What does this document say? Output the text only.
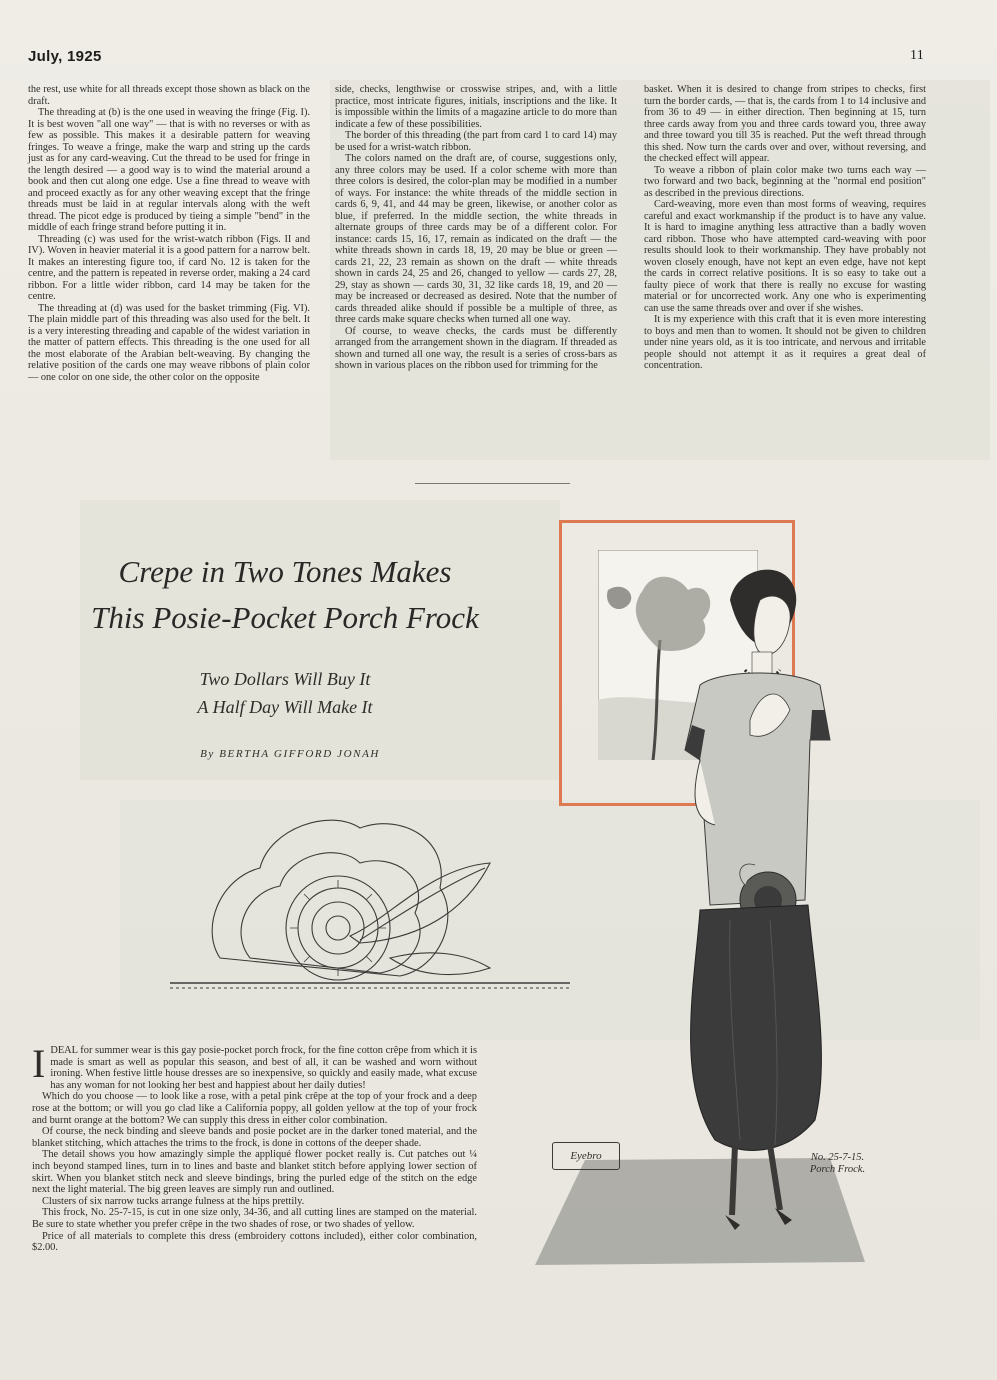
July, 1925	11

the rest, use white for all threads except those shown as black on the draft.

The threading at (b) is the one used in weaving the fringe (Fig. I). It is best woven "all one way" — that is with no reverses or with as few as possible. This makes it a desirable pattern for weaving fringes. To weave a fringe, make the warp and string up the cards just as for any card-weaving. Cut the thread to be used for fringe in the length desired — a good way is to wind the material around a book and then cut along one edge. Use a fine thread to weave with and proceed exactly as for any other weaving except that the fringe threads must be laid in at regular intervals along with the weft thread. The picot edge is produced by tieing a simple "bend" in the middle of each fringe strand before putting it in.

Threading (c) was used for the wrist-watch ribbon (Figs. II and IV). Woven in heavier material it is a good pattern for a narrow belt. It makes an interesting figure too, if card No. 12 is taken for the centre, and the pattern is repeated in reverse order, making a 24 card ribbon. For a little wider ribbon, card 14 may be taken for the centre.

The threading at (d) was used for the basket trimming (Fig. VI). The plain middle part of this threading was also used for the belt. It is a very interesting threading and capable of the widest variation in the matter of pattern effects. This threading is the one used for all the most elaborate of the Arabian belt-weaving. By changing the relative position of the cards one may weave ribbons of plain color — one color on one side, the other color on the opposite

side, checks, lengthwise or crosswise stripes, and, with a little practice, most intricate figures, initials, inscriptions and the like. It is impossible within the limits of a magazine article to do more than indicate a few of these possibilities.

The border of this threading (the part from card 1 to card 14) may be used for a wrist-watch ribbon.

The colors named on the draft are, of course, suggestions only, any three colors may be used. If a color scheme with more than three colors is desired, the color-plan may be modified in a number of ways. For instance: the white threads of the middle section in cards 6, 9, 41, and 44 may be green, likewise, or another color as blue, if preferred. In the middle section, the white threads in alternate groups of three cards may be of a different color. For instance: cards 15, 16, 17, remain as indicated on the draft — the white threads shown in cards 18, 19, 20 may be blue or green — cards 21, 22, 23 remain as shown on the draft — white threads shown in cards 24, 25 and 26, changed to yellow — cards 27, 28, 29, stay as shown — cards 30, 31, 32 like cards 18, 19, and 20 — may be increased or decreased as desired. Note that the number of cards threaded alike should if possible be a multiple of three, as three cards make square checks when turned all one way.

Of course, to weave checks, the cards must be differently arranged from the arrangement shown in the diagram. If threaded as shown and turned all one way, the result is a series of cross-bars as shown in various places on the ribbon used for trimming for the

basket. When it is desired to change from stripes to checks, first turn the border cards, — that is, the cards from 1 to 14 inclusive and from 36 to 49 — in either direction. Then beginning at 15, turn three cards away from you and three cards toward you, three away and three toward you till 35 is reached. Put the weft thread through this shed. Now turn the cards over and over, without reversing, and the checked effect will appear.

To weave a ribbon of plain color make two turns each way — two forward and two back, beginning at the "normal end position" as described in the previous directions.

Card-weaving, more even than most forms of weaving, requires careful and exact workmanship if the product is to have any value. It is hard to imagine anything less attractive than a badly woven card ribbon. Those who have attempted card-weaving with poor results should look to their workmanship. They have probably not woven closely enough, have not kept an even edge, have not kept the cards in correct relative positions. It is so easy to take out a faulty piece of work that there is really no excuse for wasting material or for uncorrected work. Any one who is experimenting can use the same threads over and over if she wishes.

It is my experience with this craft that it is even more interesting to boys and men than to women. It should not be given to children under nine years old, as it is too intricate, and nervous and irritable people should not attempt it as it requires a great deal of concentration.

Crepe in Two Tones Makes
This Posie-Pocket Porch Frock
Two Dollars Will Buy It
A Half Day Will Make It
By BERTHA GIFFORD JONAH
Eyebro	No. 25-7-15.
Porch Frock.

IDEAL for summer wear is this gay posie-pocket porch frock, for the fine cotton crêpe from which it is made is smart as well as popular this season, and best of all, it can be washed and worn without ironing. When festive little house dresses are so inexpensive, so quickly and easily made, what excuse has any woman for not looking her best and happiest about her daily duties!

Which do you choose — to look like a rose, with a petal pink crêpe at the top of your frock and a deep rose at the bottom; or will you go clad like a California poppy, all golden yellow at the top of your frock and burnt orange at the bottom? We can supply this dress in either color combination.

Of course, the neck binding and sleeve bands and posie pocket are in the darker toned material, and the blanket stitching, which attaches the trims to the frock, is done in cottons of the deeper shade.

The detail shows you how amazingly simple the appliqué flower pocket really is. Cut patches out ¼ inch beyond stamped lines, turn in to lines and baste and blanket stitch before applying lower section of skirt. When you blanket stitch neck and sleeve bindings, bring the purled edge of the stitch on the edge next the light material. The big green leaves are simply run and outlined.

Clusters of six narrow tucks arrange fulness at the hips prettily.

This frock, No. 25-7-15, is cut in one size only, 34-36, and all cutting lines are stamped on the material. Be sure to state whether you prefer crêpe in the two shades of rose, or two shades of yellow.

Price of all materials to complete this dress (embroidery cottons included), either color combination, $2.00.
